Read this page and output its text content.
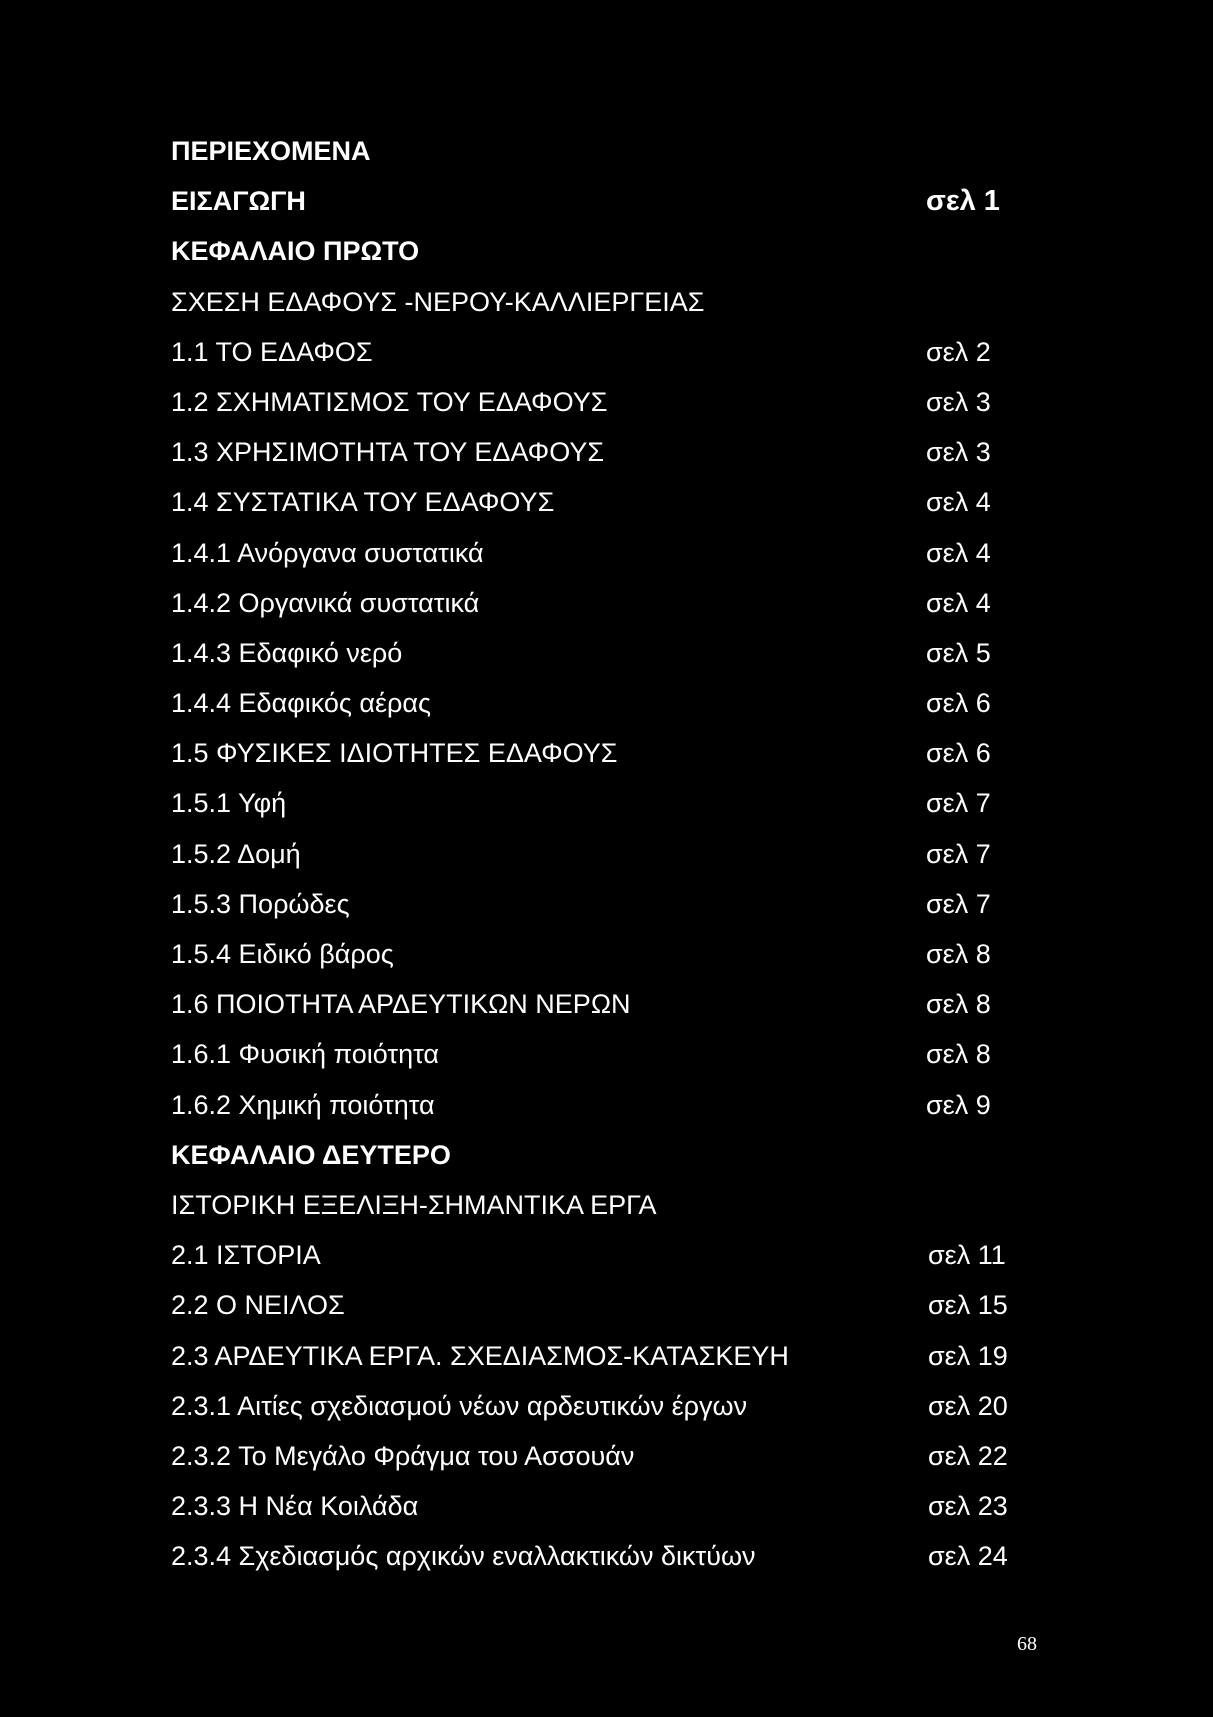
ΠΕΡΙΕΧΟΜΕΝΑ
ΕΙΣΑΓΩΓΗ	σελ 1
ΚΕΦΑΛΑΙΟ ΠΡΩΤΟ
ΣΧΕΣΗ ΕΔΑΦΟΥΣ -ΝΕΡΟΥ-ΚΑΛΛΙΕΡΓΕΙΑΣ
1.1 ΤΟ ΕΔΑΦΟΣ	σελ 2
1.2 ΣΧΗΜΑΤΙΣΜΟΣ ΤΟΥ ΕΔΑΦΟΥΣ	σελ 3
1.3 ΧΡΗΣΙΜΟΤΗΤΑ ΤΟΥ ΕΔΑΦΟΥΣ	σελ 3
1.4 ΣΥΣΤΑΤΙΚΑ ΤΟΥ ΕΔΑΦΟΥΣ	σελ 4
1.4.1 Ανόργανα συστατικά	σελ 4
1.4.2 Οργανικά συστατικά	σελ 4
1.4.3 Εδαφικό νερό	σελ 5
1.4.4 Εδαφικός αέρας	σελ 6
1.5 ΦΥΣΙΚΕΣ ΙΔΙΟΤΗΤΕΣ ΕΔΑΦΟΥΣ	σελ 6
1.5.1 Υφή	σελ 7
1.5.2 Δομή	σελ 7
1.5.3 Πορώδες	σελ 7
1.5.4 Ειδικό βάρος	σελ 8
1.6 ΠΟΙΟΤΗΤΑ ΑΡΔΕΥΤΙΚΩΝ ΝΕΡΩΝ	σελ 8
1.6.1 Φυσική ποιότητα	σελ 8
1.6.2 Χημική ποιότητα	σελ 9
ΚΕΦΑΛΑΙΟ ΔΕΥΤΕΡΟ
ΙΣΤΟΡΙΚΗ ΕΞΕΛΙΞΗ-ΣΗΜΑΝΤΙΚΑ ΕΡΓΑ
2.1 ΙΣΤΟΡΙΑ	σελ 11
2.2 Ο ΝΕΙΛΟΣ	σελ 15
2.3 ΑΡΔΕΥΤΙΚΑ ΕΡΓΑ. ΣΧΕΔΙΑΣΜΟΣ-ΚΑΤΑΣΚΕΥΗ	σελ 19
2.3.1 Αιτίες σχεδιασμού νέων αρδευτικών έργων	σελ 20
2.3.2 Το Μεγάλο Φράγμα του Ασσουάν	σελ 22
2.3.3 Η Νέα Κοιλάδα	σελ 23
2.3.4 Σχεδιασμός αρχικών εναλλακτικών δικτύων	σελ 24
68
